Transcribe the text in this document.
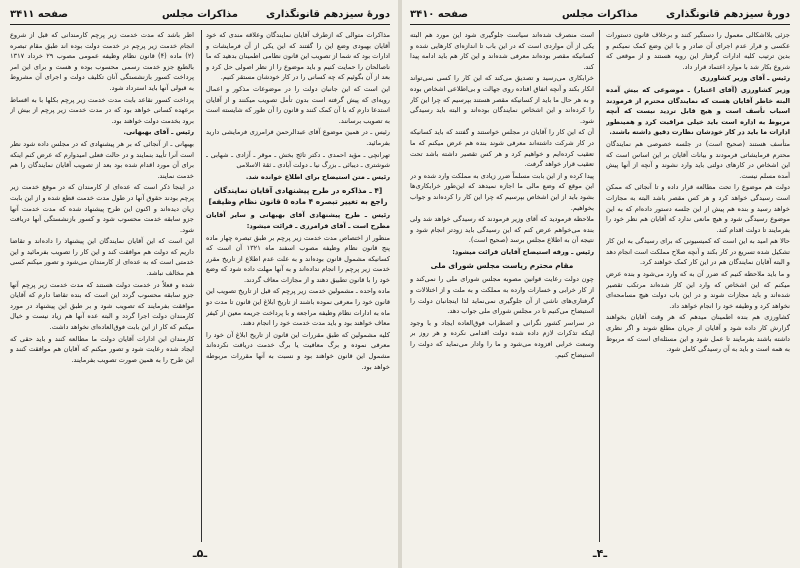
دورهٔ سیزدهم قانونگذاری
مذاکرات مجلس
صفحه ۳۴۱۱

مذاکرات متوالی که ازطرف آقایان نمایندگان وعلاقه مندی که خود آقایان بهبودی وضع این را گفتند که این یکی از آن فرمایشات و ادارات بود که شما از تصویب این قانون نظامی اطمینان بدهید که ما ناصالحان را حمایت کنیم و باید موضوع را از نظر اصولی حل کرد و بعد از آن بگوئیم که چه کسانی را در کار خودشان مستقر کنیم.

این است که این جانبان دولت را در موضوعات مذکور و اعمال رویه‌ای که پیش گرفته است بدون تأمل تصویب میکنند و از آقایان استدعا دارم که با آن کمک کنند و قانون را آن طور که شایسته است به تصویب برسانند.

رئیس ـ در همین موضوع آقای عبدالرحمن فرامرزی فرمایشی دارید بفرمائید.

تهرانچی ـ مؤید احمدی ـ دکتر تائج بخش ـ موقر ـ آزادی ـ شهابی ـ شوشتری ـ دیبائی ـ بزرگ نیا ـ دولت آبادی ـ ثقة الاسلامی

رئیس ـ متن استیضاح برای اطلاع خوانده شد.

[۴ ـ مذاکره در طرح پیشنهادی آقایان نمایندگان راجع به تغییر تبصره ۴ ماده ۵ قانون نظام وظیفه]

رئیس ـ طرح پیشنهادی آقای بهبهانی و سایر آقایان مطرح است ـ آقای فرامرزی ـ قرائت میشود:

منظور از اختصاص مدت خدمت زیر پرچم بر طبق تبصره چهار ماده پنج قانون نظام وظیفه مصوب اسفند ماه ۱۳۲۱ آن است که کسانیکه مشمول قانون بوده‌اند و به علت عدم اطلاع از تاریخ مقرر خدمت زیر پرچم را انجام نداده‌اند و به آنها مهلت داده شود که وضع خود را با قانون تطبیق دهند و از مجازات معاف گردند.

ماده واحده ـ مشمولین خدمت زیر پرچم که قبل از تاریخ تصویب این قانون خود را معرفی نموده باشند از تاریخ ابلاغ این قانون تا مدت دو ماه به ادارات نظام وظیفه مراجعه و با پرداخت جریمه معین از کیفر معاف خواهند بود و باید مدت خدمت خود را انجام دهند.

کلیه مشمولین که طبق مقررات این قانون از تاریخ ابلاغ آن خود را معرفی نموده و برگ معافیت یا برگ خدمت دریافت نکرده‌اند مشمول این قانون خواهند بود و نسبت به آنها مقررات مربوطه خواهد بود.

اظر باشد که مدت خدمت زیر پرچم کارمندانی که قبل از شروع انجام خدمت زیر پرچم در خدمت دولت بوده اند طبق مقام تبصره (۲) ماده (۴) قانون نظام وظیفه عمومی مصوب ۲۹ خرداد ۱۳۱۷ بالطبع جزو خدمت رسمی محسوب بوده و هست و برای این امر پرداخت کسور بازنشستگی آنان تکلیف دولت و اجرای آن مشروط به قبولی آنها باید استرداد شود.

پرداخت کسور نقاعد بابت مدت خدمت زیر پرچم بکلها با به اقساط برعهده کسانی خواهد بود که در مدت خدمت زیر پرچم از بیش از برود بخدمت دولت خواهند بود.

رئیس ـ آقای بهبهانی.

بهبهانی ـ از آنجائی که بر هر پیشنهادی که در مجلس داده شود نظر است آنرا تأیید بنمایند و در حالت فعلی امیدوارم که عرض کنم اینکه برای آن مورد اقدام شده بود بعد از تصویب آقایان نمایندگان را هم خدمت نمایند.

در اینجا ذکر است که عده‌ای از کارمندان که در موقع خدمت زیر پرچم بودند حقوق آنها در طول مدت خدمت قطع شده و از این بابت زیان دیده‌اند و اکنون این طرح پیشنهاد شده که مدت خدمت آنها جزو سابقه خدمت محسوب شود و کسور بازنشستگی آنها دریافت شود.

این است که این آقایان نمایندگان این پیشنهاد را داده‌اند و تقاضا داریم که دولت هم موافقت کند و این کار را تصویب بفرمائید و این خدمتی است که به عده‌ای از کارمندان می‌شود و تصور میکنم کسی هم مخالف نباشد.

شده و فعلاً در خدمت دولت هستند که مدت خدمت زیر پرچم آنها جزو سابقه محسوب گردد این است که بنده تقاضا دارم که آقایان موافقت بفرمایند که تصویب شود و بر طبق این پیشنهاد در مورد کارمندان دولت اجرا گردد و البته عده آنها هم زیاد نیست و خیال میکنم که کار از این بابت فوق‌العاده‌ای نخواهد داشت.

کارمندان این ادارات آقایان دولت ما مطالعه کنند و باید حقی که ایجاد شده رعایت شود و تصور میکنم که آقایان هم موافقت کنند و این طرح را به همین صورت تصویب بفرمایند.

ـ۵ـ
دورهٔ سیزدهم قانونگذاری
مذاکرات مجلس
صفحه ۳۴۱۰

جزئی بلااشکالی معمول را دستگیر کنند و برخلاف قانون دستورات عکسی و قرار عدم اجرای آن صادر و با این وضع کمک نمیکنم و بدین ترتیب کلیه ادارات گرفتار این رویه هستند و از موقعی که شروع بکار شد با موارد اعتماد قرار داد.

رئیس ـ آقای وزیر کشاورزی

وزیر کشاورزی (آقای اعتبار) ـ موضوعی که بیش آمده البته خاطر آقایان هست که نمایندگان محترم از فرمودند اسباب تأسف است و هیچ قابل تردید نیست که آنچه مربوط به اداره است باید خیلی مراقبت کرد و همینطور ادارات ما باید در کار خودشان نظارت دقیق داشته باشند.

متأسف هستند (صحیح است) در جلسه خصوصی هم نمایندگان محترم فرمایشاتی فرمودند و بیانات آقایان بر این اساس است که این اشخاص در کارهای دولتی باید وارد نشوند و آنچه از آنها پیش آمده مسلم نیست.

دولت هم موضوع را تحت مطالعه قرار داده و تا آنجائی که ممکن است رسیدگی خواهد کرد و هر کس مقصر باشد البته به مجازات خواهد رسید و بنده هم پیش از این جلسه دستور داده‌ام که به این موضوع رسیدگی شود و هیچ مانعی ندارد که آقایان هم نظر خود را بفرمایند تا دولت اقدام کند.

حالا هم امید به این است که کمیسیونی که برای رسیدگی به این کار تشکیل شده تسریع در کار بکند و آنچه صلاح مملکت است انجام دهد و البته آقایان نمایندگان هم در این کار کمک خواهند کرد.

و ما باید ملاحظه کنیم که ضرر آن به که وارد می‌شود و بنده عرض میکنم که این اشخاص که وارد این کار شده‌اند مرتکب تقصیر شده‌اند و باید مجازات شوند و در این باب دولت هیچ مسامحه‌ای نخواهد کرد و وظیفه خود را انجام خواهد داد.

کشاورزی هم بنده اطمینان میدهم که هر وقت آقایان بخواهند گزارش کار داده شود و آقایان از جریان مطلع شوند و اگر نظری داشته باشند بفرمایند تا عمل شود و این مسئله‌ای است که مربوط به همه است و باید به آن رسیدگی کامل شود.

است منصرف شده‌اند سیاست جلوگیری شود این مورد هم البته یکی از آن مواردی است که در این باب تا اندازه‌ای کارهایی شده و کسانیکه مقصر بوده‌اند معرفی شده‌اند و این کار هم باید ادامه پیدا کند.

خرابکاری می‌رسید و تصدیق می‌کند که این کار را کسی نمی‌تواند انکار بکند و آنچه اتفاق افتاده روی جهالت و بی‌اطلاعی اشخاص بوده و به هر حال ما باید از کسانیکه مقصر هستند بپرسیم که چرا این کار را کرده‌اند و این اشخاص نمایندگان بوده‌اند و البته باید رسیدگی شود.

آن که این کار را آقایان در مجلس خواستند و گفتند که باید کسانیکه در کار شرکت داشته‌اند معرفی شوند بنده هم عرض میکنم که ما تعقیب کرده‌ایم و خواهیم کرد و هر کس تقصیر داشته باشد تحت تعقیب قرار خواهد گرفت.

پیدا کرده و از این بابت مسلماً ضرر زیادی به مملکت وارد شده و در این موقع که وضع مالی ما اجازه نمیدهد که این‌طور خرابکاری‌ها بشود باید از این اشخاص بپرسیم که چرا این کار را کرده‌اند و جواب بخواهیم.

ملاحظه فرمودید که آقای وزیر فرمودند که رسیدگی خواهد شد ولی بنده می‌خواهم عرض کنم که این رسیدگی باید زودتر انجام شود و نتیجه آن به اطلاع مجلس برسد (صحیح است).

رئیس ـ ورقه استیضاح آقایان قرائت میشود:

مقام محترم ریاست مجلس شورای ملی

چون دولت رعایت قوانین مصوبه مجلس شورای ملی را نمی‌کند و از کار خرابی و خسارات وارده به مملکت و به ملت و از اختلالات و گرفتاری‌های ناشی از آن جلوگیری نمی‌نماید لذا اینجانبان دولت را استیضاح می‌کنیم تا در مجلس شورای ملی جواب دهد.

در سراسر کشور نگرانی و اضطراب فوق‌العاده ایجاد و با وجود اینکه تذکرات لازم داده شده دولت اقدامی نکرده و هر روز بر وسعت خرابی افزوده می‌شود و ما را وادار می‌نماید که دولت را استیضاح کنیم.

ـ۴ـ
